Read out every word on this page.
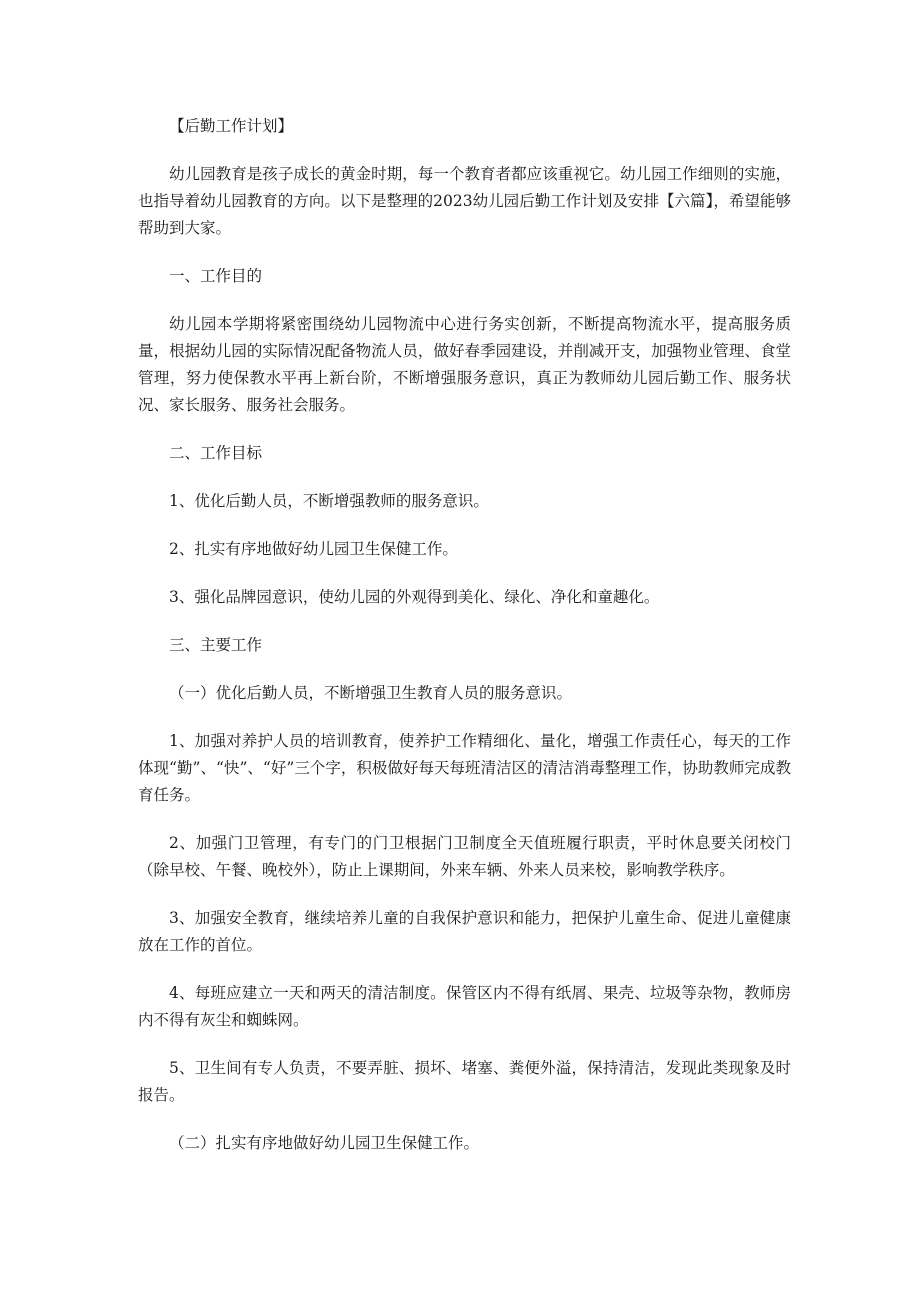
【后勤工作计划】

幼儿园教育是孩子成长的黄金时期，每一个教育者都应该重视它。幼儿园工作细则的实施，也指导着幼儿园教育的方向。以下是整理的2023幼儿园后勤工作计划及安排【六篇】，希望能够帮助到大家。

一、工作目的

幼儿园本学期将紧密围绕幼儿园物流中心进行务实创新，不断提高物流水平，提高服务质量，根据幼儿园的实际情况配备物流人员，做好春季园建设，并削减开支，加强物业管理、食堂管理，努力使保教水平再上新台阶，不断增强服务意识，真正为教师幼儿园后勤工作、服务状况、家长服务、服务社会服务。

二、工作目标

1、优化后勤人员，不断增强教师的服务意识。

2、扎实有序地做好幼儿园卫生保健工作。

3、强化品牌园意识，使幼儿园的外观得到美化、绿化、净化和童趣化。

三、主要工作

（一）优化后勤人员，不断增强卫生教育人员的服务意识。

1、加强对养护人员的培训教育，使养护工作精细化、量化，增强工作责任心，每天的工作体现“勤”、“快”、“好”三个字，积极做好每天每班清洁区的清洁消毒整理工作，协助教师完成教育任务。

2、加强门卫管理，有专门的门卫根据门卫制度全天值班履行职责，平时休息要关闭校门（除早校、午餐、晚校外），防止上课期间，外来车辆、外来人员来校，影响教学秩序。

3、加强安全教育，继续培养儿童的自我保护意识和能力，把保护儿童生命、促进儿童健康放在工作的首位。

4、每班应建立一天和两天的清洁制度。保管区内不得有纸屑、果壳、垃圾等杂物，教师房内不得有灰尘和蜘蛛网。

5、卫生间有专人负责，不要弄脏、损坏、堵塞、粪便外溢，保持清洁，发现此类现象及时报告。

（二）扎实有序地做好幼儿园卫生保健工作。
